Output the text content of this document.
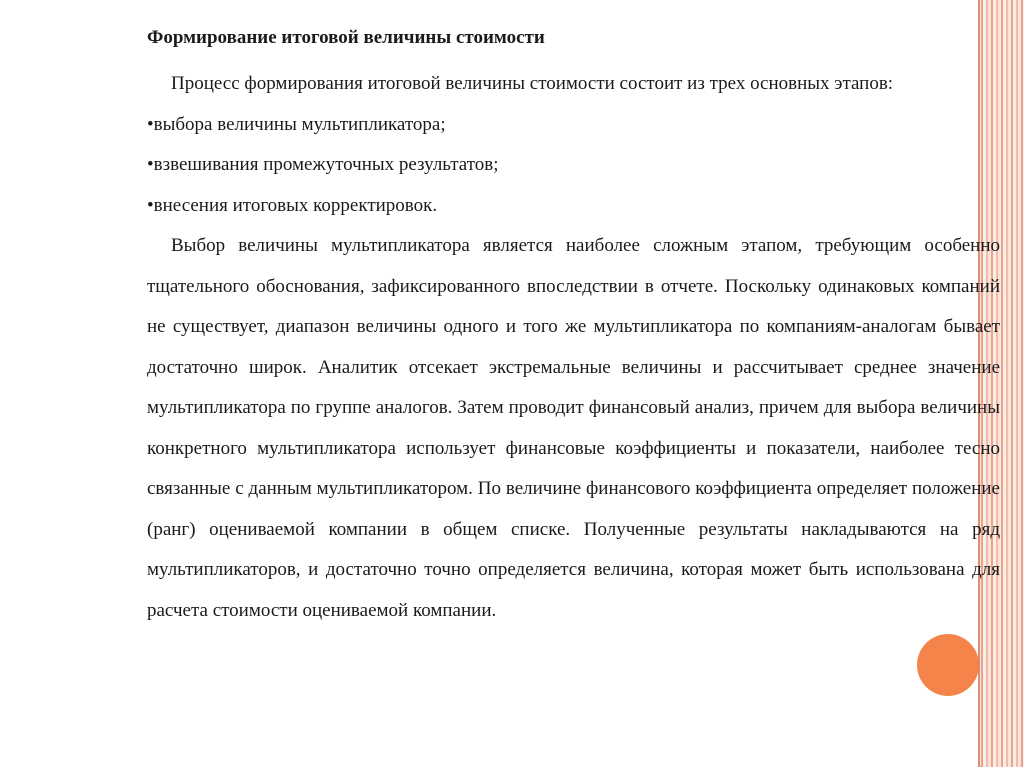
Формирование итоговой величины стоимости

Процесс формирования итоговой величины стоимости состоит из трех основных этапов:

•выбора величины мультипликатора;

•взвешивания промежуточных результатов;

•внесения итоговых корректировок.

Выбор величины мультипликатора является наиболее сложным этапом, требующим особенно тщательного обоснования, зафиксированного впоследствии в отчете. Поскольку одинаковых компаний не существует, диапазон величины одного и того же мультипликатора по компаниям-аналогам бывает достаточно широк. Аналитик отсекает экстремальные величины и рассчитывает среднее значение мультипликатора по группе аналогов. Затем проводит финансовый анализ, причем для выбора величины конкретного мультипликатора использует финансовые коэффициенты и показатели, наиболее тесно связанные с данным мультипликатором. По величине финансового коэффициента определяет положение (ранг) оцениваемой компании в общем списке. Полученные результаты накладываются на ряд мультипликаторов, и достаточно точно определяется величина, которая может быть использована для расчета стоимости оцениваемой компании.
